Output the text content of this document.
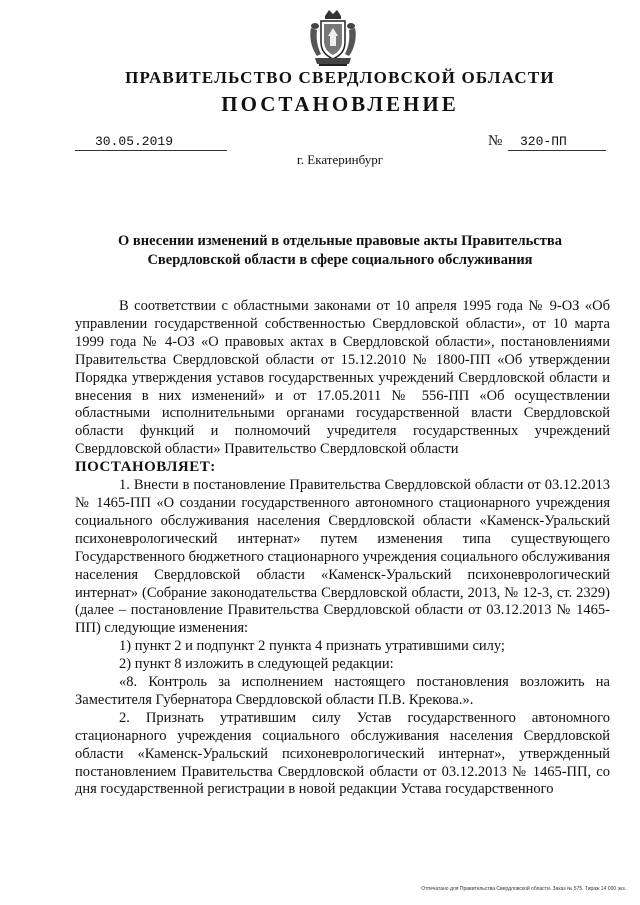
ПРАВИТЕЛЬСТВО СВЕРДЛОВСКОЙ ОБЛАСТИ
ПОСТАНОВЛЕНИЕ
30.05.2019	№	320-ПП
г. Екатеринбург
О внесении изменений в отдельные правовые акты Правительства Свердловской области в сфере социального обслуживания

В соответствии с областными законами от 10 апреля 1995 года № 9-ОЗ «Об управлении государственной собственностью Свердловской области», от 10 марта 1999 года № 4-ОЗ «О правовых актах в Свердловской области», постановлениями Правительства Свердловской области от 15.12.2010 № 1800-ПП «Об утверждении Порядка утверждения уставов государственных учреждений Свердловской области и внесения в них изменений» и от 17.05.2011 № 556-ПП «Об осуществлении областными исполнительными органами государственной власти Свердловской области функций и полномочий учредителя государственных учреждений Свердловской области» Правительство Свердловской области

ПОСТАНОВЛЯЕТ:

1. Внести в постановление Правительства Свердловской области от 03.12.2013 № 1465-ПП «О создании государственного автономного стационарного учреждения социального обслуживания населения Свердловской области «Каменск-Уральский психоневрологический интернат» путем изменения типа существующего Государственного бюджетного стационарного учреждения социального обслуживания населения Свердловской области «Каменск-Уральский психоневрологический интернат» (Собрание законодательства Свердловской области, 2013, № 12-3, ст. 2329) (далее – постановление Правительства Свердловской области от 03.12.2013 № 1465-ПП) следующие изменения:

1) пункт 2 и подпункт 2 пункта 4 признать утратившими силу;

2) пункт 8 изложить в следующей редакции:

«8. Контроль за исполнением настоящего постановления возложить на Заместителя Губернатора Свердловской области П.В. Крекова.».

2. Признать утратившим силу Устав государственного автономного стационарного учреждения социального обслуживания населения Свердловской области «Каменск-Уральский психоневрологический интернат», утвержденный постановлением Правительства Свердловской области от 03.12.2013 № 1465-ПП, со дня государственной регистрации в новой редакции Устава государственного

Отпечатано для Правительства Свердловской области. Заказ № 575. Тираж 14 000 экз.
